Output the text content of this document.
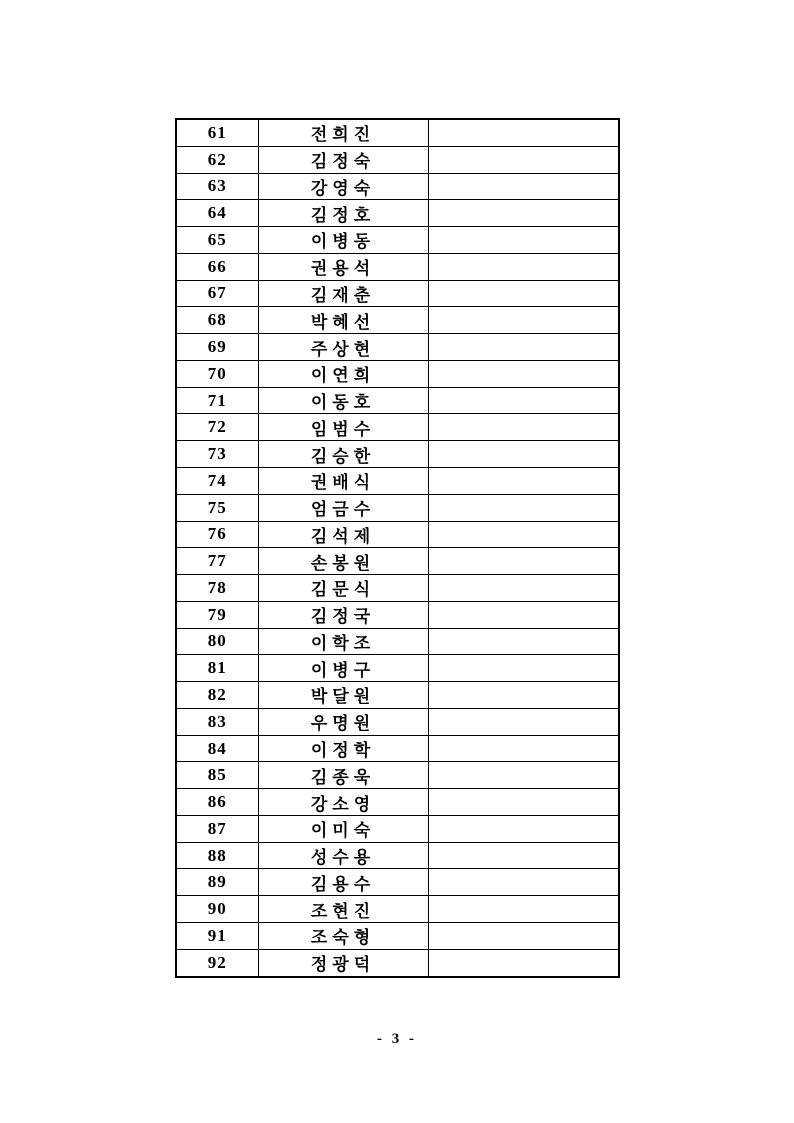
61	전희진	
62	김정숙	
63	강영숙	
64	김정호	
65	이병동	
66	권용석	
67	김재춘	
68	박혜선	
69	주상현	
70	이연희	
71	이동호	
72	임범수	
73	김승한	
74	권배식	
75	엄금수	
76	김석제	
77	손봉원	
78	김문식	
79	김정국	
80	이학조	
81	이병구	
82	박달원	
83	우명원	
84	이정학	
85	김종욱	
86	강소영	
87	이미숙	
88	성수용	
89	김용수	
90	조현진	
91	조숙형	
92	정광덕	
- 3 -
